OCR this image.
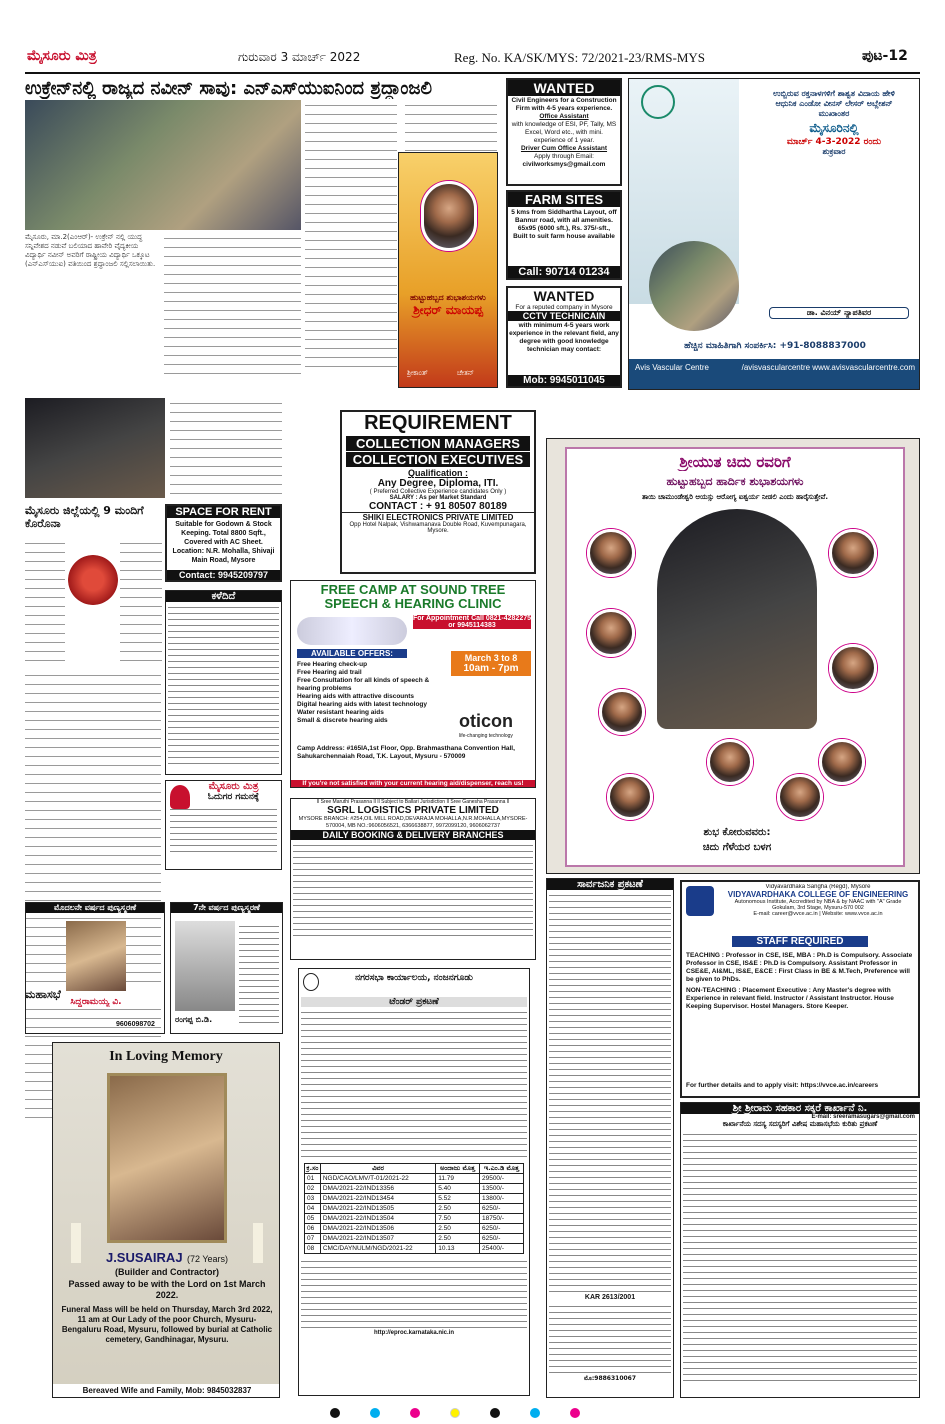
ಮೈಸೂರು ಮಿತ್ರ	ಗುರುವಾರ 3 ಮಾರ್ಚ್ 2022	Reg. No. KA/SK/MYS: 72/2021-23/RMS-MYS	ಪುಟ-12
ಉಕ್ರೇನ್‌ನಲ್ಲಿ ರಾಜ್ಯದ ನವೀನ್ ಸಾವು: ಎನ್‌ಎಸ್‌ಯುಐನಿಂದ ಶ್ರದ್ಧಾಂಜಲಿ
ಮೈಸೂರು, ಮಾ.2(ಎಂಆರ್)- ಉಕ್ರೇನ್ ನಲ್ಲಿ ಯುದ್ಧ ಸನ್ನಿವೇಶದ ನಡುವೆ ಬಲಿಯಾದ ಹಾವೇರಿ ವೈದ್ಯಕೀಯ ವಿದ್ಯಾರ್ಥಿ ನವೀನ್ ಅವರಿಗೆ ರಾಷ್ಟ್ರೀಯ ವಿದ್ಯಾರ್ಥಿ ಒಕ್ಕೂಟ (ಎನ್‌ಎಸ್‌ಯುಐ) ವತಿಯಿಂದ ಶ್ರದ್ಧಾಂಜಲಿ ಸಲ್ಲಿಸಲಾಯಿತು.
ಹುಟ್ಟುಹಬ್ಬದ ಶುಭಾಶಯಗಳು
ಶ್ರೀಧರ್ ಮಾಯಪ್ಪ
ಶ್ರೀಕಾಂತ್	ಚೇತನ್
WANTED
Civil Engineers for a Construction Firm with 4-5 years experience.
Office Assistant
with knowledge of ESI, PF, Tally, MS Excel, Word etc., with mini. experience of 1 year.
Driver Cum Office Assistant
Apply through Email:
civilworksmys@gmail.com
FARM SITES
5 kms from Siddhartha Layout, off Bannur road, with all amenities. 65x95 (6000 sft.), Rs. 375/-sft., Built to suit farm house available
Call: 90714 01234
WANTED
For a reputed company in Mysore
CCTV TECHNICAIN
with minimum 4-5 years work experience in the relevant field, any degree with good knowledge technician may contact:
Mob: 9945011045
ಉಬ್ಬಿರುವ ರಕ್ತನಾಳಗಳಿಗೆ ಶಾಶ್ವತ ವಿದಾಯ ಹೇಳಿ
ಆಧುನಿಕ ಎಂಡೋ ವೀನಸ್ ಲೇಸರ್ ಅಬ್ಲೇಶನ್ ಮುಖಾಂತರ
ಮೈಸೂರಿನಲ್ಲಿ
ಮಾರ್ಚ್ 4-3-2022 ರಂದು
ಶುಕ್ರವಾರ
ಡಾ. ವಿನಯ್ ನ್ಯಾಪತಿವರ
ಹೆಚ್ಚಿನ ಮಾಹಿತಿಗಾಗಿ ಸಂಪರ್ಕಿಸಿ: +91-8088837000
Avis Vascular Centre	/avisvascularcentre www.avisvascularcentre.com
SPACE FOR RENT
Suitable for Godown & Stock Keeping. Total 8800 Sqft., Covered with AC Sheet. Location: N.R. Mohalla, Shivaji Main Road, Mysore
Contact: 9945209797
ಮೈಸೂರು ಜಿಲ್ಲೆಯಲ್ಲಿ 9 ಮಂದಿಗೆ ಕೊರೊನಾ
ಕಳೆದಿದೆ
ಮಹಾಸಭೆ
ಮೈಸೂರು ಮಿತ್ರ
ಓದುಗರ ಗಮನಕ್ಕೆ
ಮೊದಲನೇ ವರ್ಷದ ಪುಣ್ಯಸ್ಮರಣೆ
ಸಿದ್ದರಾಮಯ್ಯ ವಿ.
9606098702
7ನೇ ವರ್ಷದ ಪುಣ್ಯಸ್ಮರಣೆ
ರಂಗಪ್ಪ ಬಿ.ಡಿ.
In Loving Memory
J.SUSAIRAJ (72 Years)
(Builder and Contractor)
Passed away to be with the Lord on 1st March 2022.
Funeral Mass will be held on Thursday, March 3rd 2022, 11 am at Our Lady of the poor Church, Mysuru-Bengaluru Road, Mysuru, followed by burial at Catholic cemetery, Gandhinagar, Mysuru.
Bereaved Wife and Family, Mob: 9845032837
REQUIREMENT
COLLECTION MANAGERS
COLLECTION EXECUTIVES
Qualification :
Any Degree, Diploma, ITI.
( Preferred Collective Experience candidates Only )
SALARY : As per Market Standard
CONTACT : + 91 80507 80189
SHIKI ELECTRONICS PRIVATE LIMITED
Opp Hotel Nalpak, Vishwamanava Double Road, Kuvempunagara, Mysore.
FREE CAMP AT SOUND TREE SPEECH & HEARING CLINIC
For Appointment Call 0821-4282275 or 9945114383
AVAILABLE OFFERS:
Free Hearing check-up
Free Hearing aid trail
Free Consultation for all kinds of speech & hearing problems
Hearing aids with attractive discounts
Digital hearing aids with latest technology
Water resistant hearing aids
Small & discrete hearing aids
March 3 to 8
10am - 7pm
oticon
life-changing technology
Camp Address: #165IA,1st Floor, Opp. Brahmasthana Convention Hall, Sahukarchennaiah Road, T.K. Layout, Mysuru - 570009
If you're not satisfied with your current hearing aid/dispenser, reach us!
Il Sree Maruthi Prasanna Il Il Subject to Ballari Jurisdiction Il Sree Ganesha Prasanna Il
SGRL LOGISTICS PRIVATE LIMITED
MYSORE BRANCH: #254,OIL MILL ROAD,DEVARAJA MOHALLA,N.R.MOHALLA,MYSORE-570004, MB NO.:9606056521, 6366638877, 9972099120, 9606062737
DAILY BOOKING & DELIVERY BRANCHES
ನಗರಸಭಾ ಕಾರ್ಯಾಲಯ, ನಂಜನಗೂಡು
ಟೆಂಡರ್ ಪ್ರಕಟಣೆ
ಕ್ರ.ಸಂ	ವಿವರ	ಅಂದಾಜು ಮೊತ್ತ	ಇ.ಎಂ.ಡಿ ಮೊತ್ತ
01	NGD/CAO/LMV/T-01/2021-22	11.79	29500/-
02	DMA/2021-22/IND13356	5.40	13500/-
03	DMA/2021-22/IND13454	5.52	13800/-
04	DMA/2021-22/IND13505	2.50	6250/-
05	DMA/2021-22/IND13504	7.50	18750/-
06	DMA/2021-22/IND13506	2.50	6250/-
07	DMA/2021-22/IND13507	2.50	6250/-
08	CMC/DAYNULM/NGD/2021-22	10.13	25400/-
http://eproc.karnataka.nic.in
ಶ್ರೀಯುತ ಚಿದು ರವರಿಗೆ
ಹುಟ್ಟುಹಬ್ಬದ ಹಾರ್ದಿಕ ಶುಭಾಶಯಗಳು
ತಾಯಿ ಚಾಮುಂಡೇಶ್ವರಿ ಆಯಸ್ಸು ಆರೋಗ್ಯ ಐಶ್ವರ್ಯ ನೀಡಲಿ ಎಂದು ಹಾರೈಸುತ್ತೇವೆ.
ಶುಭ ಕೋರುವವರು:
ಚಿದು ಗೆಳೆಯರ ಬಳಗ
ಸಾರ್ವಜನಿಕ ಪ್ರಕಟಣೆ
KAR 2613/2001
ಮೊ:9886310067
Vidyavardhaka Sangha (Regd), Mysore
VIDYAVARDHAKA COLLEGE OF ENGINEERING
Autonomous Institute, Accredited by NBA & by NAAC with "A" Grade
Gokulam, 3rd Stage, Mysuru-570 002
E-mail: career@vvce.ac.in | Website: www.vvce.ac.in
STAFF REQUIRED
TEACHING : Professor in CSE, ISE, MBA : Ph.D is Compulsory. Associate Professor in CSE, IS&E : Ph.D is Compulsory. Assistant Professor in CSE&E, AI&ML, IS&E, E&CE : First Class in BE & M.Tech, Preference will be given to PhDs.
NON-TEACHING : Placement Executive : Any Master's degree with Experience in relevant field. Instructor / Assistant Instructor. House Keeping Supervisor. Hostel Managers. Store Keeper.
For further details and to apply visit: https://vvce.ac.in/careers
ಶ್ರೀ ಶ್ರೀರಾಮ ಸಹಕಾರ ಸಕ್ಕರೆ ಕಾರ್ಖಾನೆ ನಿ.
E-mail: sreeramasugars@gmail.com
ಕಾರ್ಖಾನೆಯ ಸದಸ್ಯ ಸದಸ್ಯರಿಗೆ ವಿಶೇಷ ಮಹಾಸಭೆಯ ಕುರಿತು ಪ್ರಕಟಣೆ
